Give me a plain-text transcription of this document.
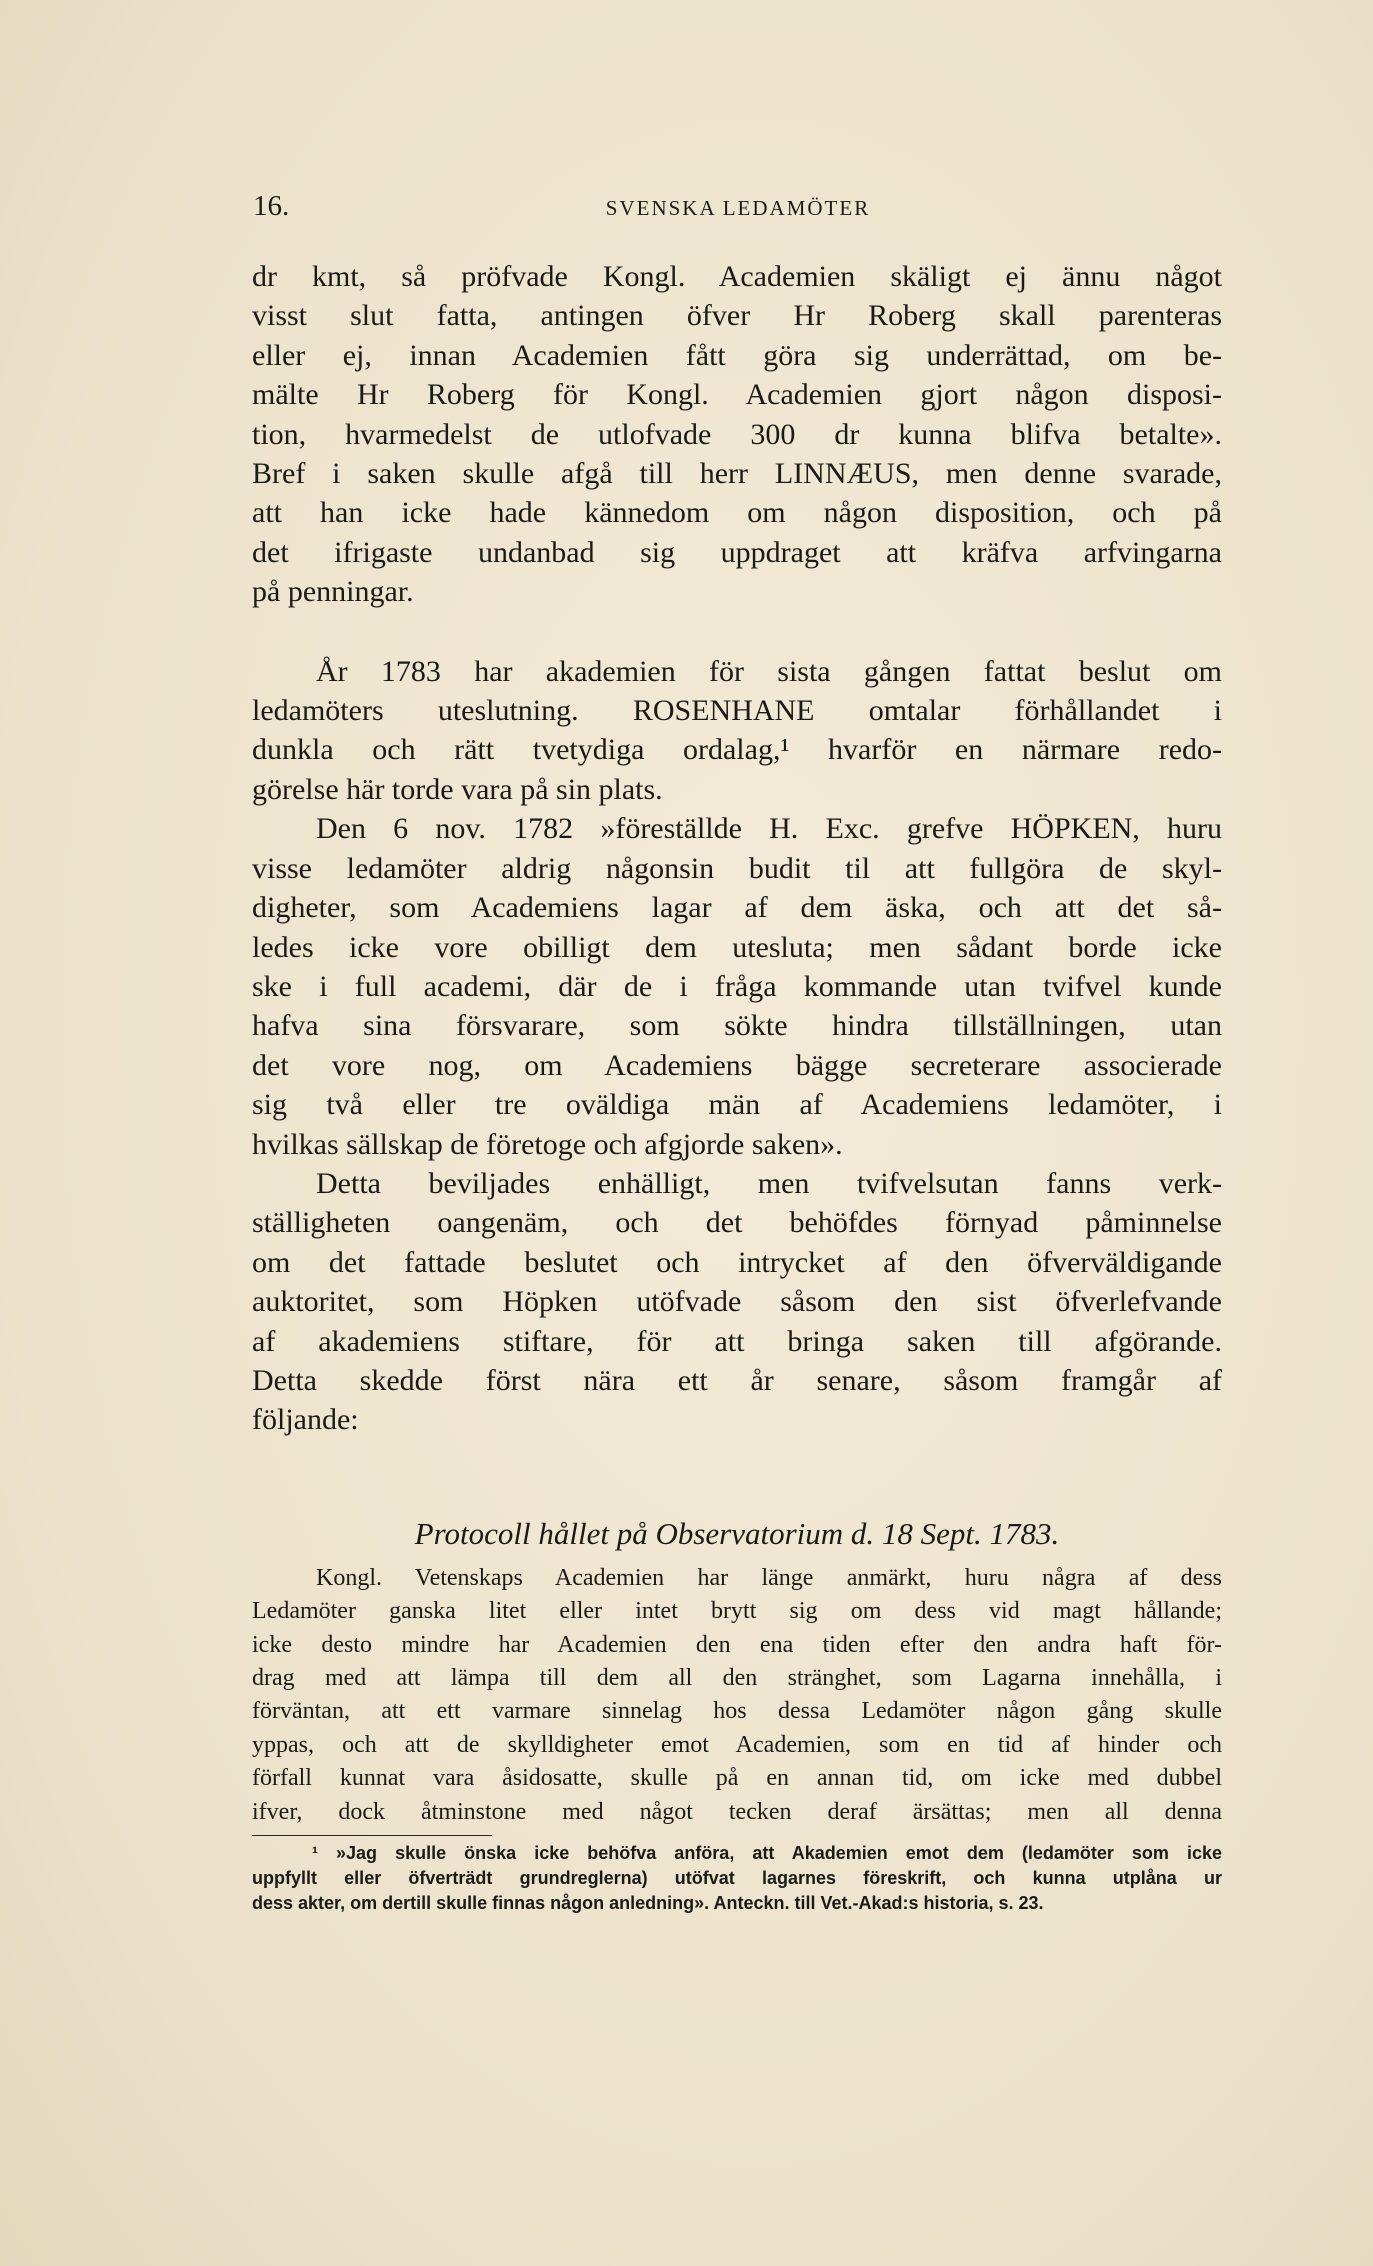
16.	SVENSKA LEDAMÖTER
dr kmt, så pröfvade Kongl. Academien skäligt ej ännu något
visst slut fatta, antingen öfver Hr Roberg skall parenteras
eller ej, innan Academien fått göra sig underrättad, om be-
mälte Hr Roberg för Kongl. Academien gjort någon disposi-
tion, hvarmedelst de utlofvade 300 dr kunna blifva betalte».
Bref i saken skulle afgå till herr LINNÆUS, men denne svarade,
att han icke hade kännedom om någon disposition, och på
det ifrigaste undanbad sig uppdraget att kräfva arfvingarna
på penningar.
År 1783 har akademien för sista gången fattat beslut om
ledamöters uteslutning. ROSENHANE omtalar förhållandet i
dunkla och rätt tvetydiga ordalag,¹ hvarför en närmare redo-
görelse här torde vara på sin plats.
Den 6 nov. 1782 »föreställde H. Exc. grefve HÖPKEN, huru
visse ledamöter aldrig någonsin budit til att fullgöra de skyl-
digheter, som Academiens lagar af dem äska, och att det så-
ledes icke vore obilligt dem utesluta; men sådant borde icke
ske i full academi, där de i fråga kommande utan tvifvel kunde
hafva sina försvarare, som sökte hindra tillställningen, utan
det vore nog, om Academiens bägge secreterare associerade
sig två eller tre oväldiga män af Academiens ledamöter, i
hvilkas sällskap de företoge och afgjorde saken».
Detta beviljades enhälligt, men tvifvelsutan fanns verk-
ställigheten oangenäm, och det behöfdes förnyad påminnelse
om det fattade beslutet och intrycket af den öfverväldigande
auktoritet, som Höpken utöfvade såsom den sist öfverlefvande
af akademiens stiftare, för att bringa saken till afgörande.
Detta skedde först nära ett år senare, såsom framgår af
följande:
Protocoll hållet på Observatorium d. 18 Sept. 1783.
Kongl. Vetenskaps Academien har länge anmärkt, huru några af dess
Ledamöter ganska litet eller intet brytt sig om dess vid magt hållande;
icke desto mindre har Academien den ena tiden efter den andra haft för-
drag med att lämpa till dem all den stränghet, som Lagarna innehålla, i
förväntan, att ett varmare sinnelag hos dessa Ledamöter någon gång skulle
yppas, och att de skylldigheter emot Academien, som en tid af hinder och
förfall kunnat vara åsidosatte, skulle på en annan tid, om icke med dubbel
ifver, dock åtminstone med något tecken deraf ärsättas; men all denna
¹ »Jag skulle önska icke behöfva anföra, att Akademien emot dem (ledamöter som icke
uppfyllt eller öfverträdt grundreglerna) utöfvat lagarnes föreskrift, och kunna utplåna ur
dess akter, om dertill skulle finnas någon anledning». Anteckn. till Vet.-Akad:s historia, s. 23.
